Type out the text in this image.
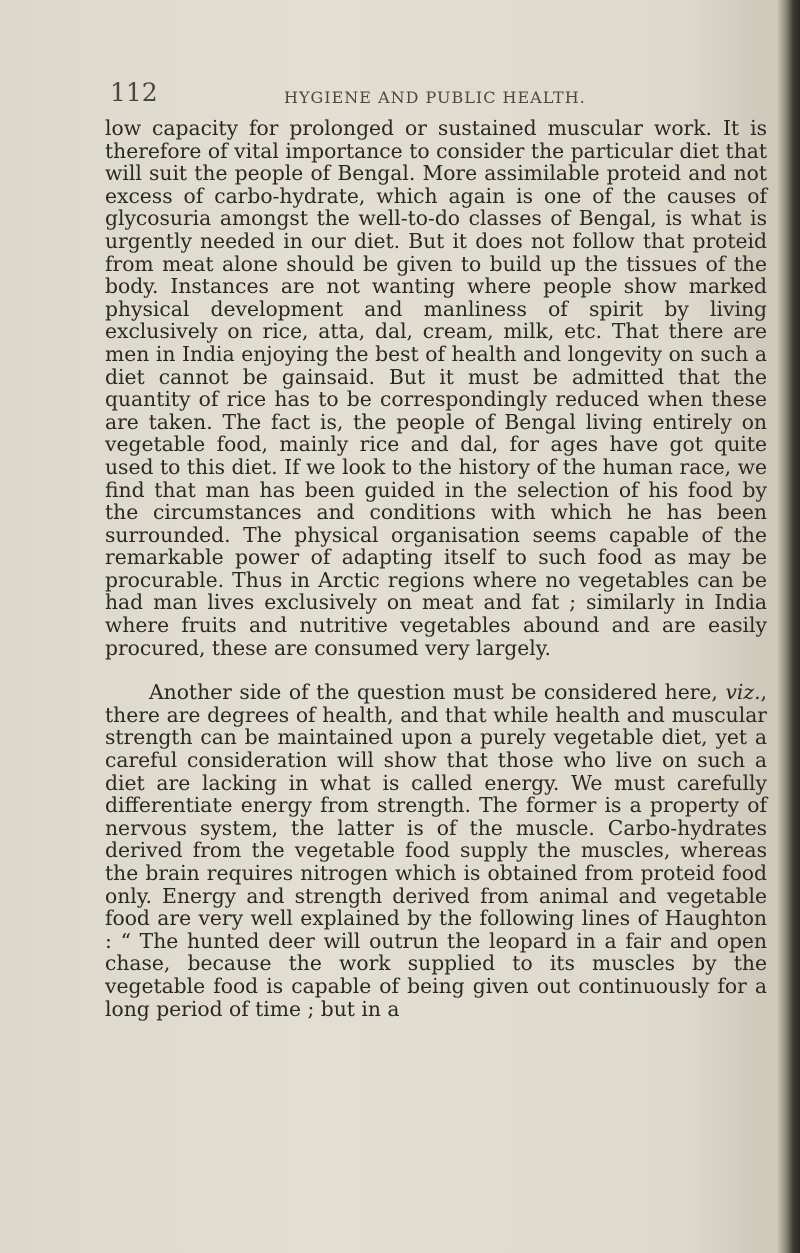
112	HYGIENE AND PUBLIC HEALTH.

low capacity for prolonged or sustained muscular work. It is therefore of vital importance to consider the particular diet that will suit the people of Bengal. More assimilable proteid and not excess of carbo-hydrate, which again is one of the causes of glycosuria amongst the well-to-do classes of Bengal, is what is urgently needed in our diet. But it does not follow that proteid from meat alone should be given to build up the tissues of the body. Instances are not wanting where people show marked physical development and manliness of spirit by living exclusively on rice, atta, dal, cream, milk, etc. That there are men in India enjoying the best of health and longevity on such a diet cannot be gainsaid. But it must be admitted that the quantity of rice has to be correspondingly reduced when these are taken. The fact is, the people of Bengal living entirely on vegetable food, mainly rice and dal, for ages have got quite used to this diet. If we look to the history of the human race, we find that man has been guided in the selection of his food by the circumstances and conditions with which he has been surrounded. The physical organisation seems capable of the remarkable power of adapting itself to such food as may be procurable. Thus in Arctic regions where no vegetables can be had man lives exclusively on meat and fat ; similarly in India where fruits and nutritive vegetables abound and are easily procured, these are consumed very largely.

Another side of the question must be considered here, viz., there are degrees of health, and that while health and muscular strength can be maintained upon a purely vegetable diet, yet a careful consideration will show that those who live on such a diet are lacking in what is called energy. We must carefully differentiate energy from strength. The former is a property of nervous system, the latter is of the muscle. Carbo-hydrates derived from the vegetable food supply the muscles, whereas the brain requires nitrogen which is obtained from proteid food only. Energy and strength derived from animal and vegetable food are very well explained by the following lines of Haughton : “ The hunted deer will outrun the leopard in a fair and open chase, because the work supplied to its muscles by the vegetable food is capable of being given out continuously for a long period of time ; but in a
